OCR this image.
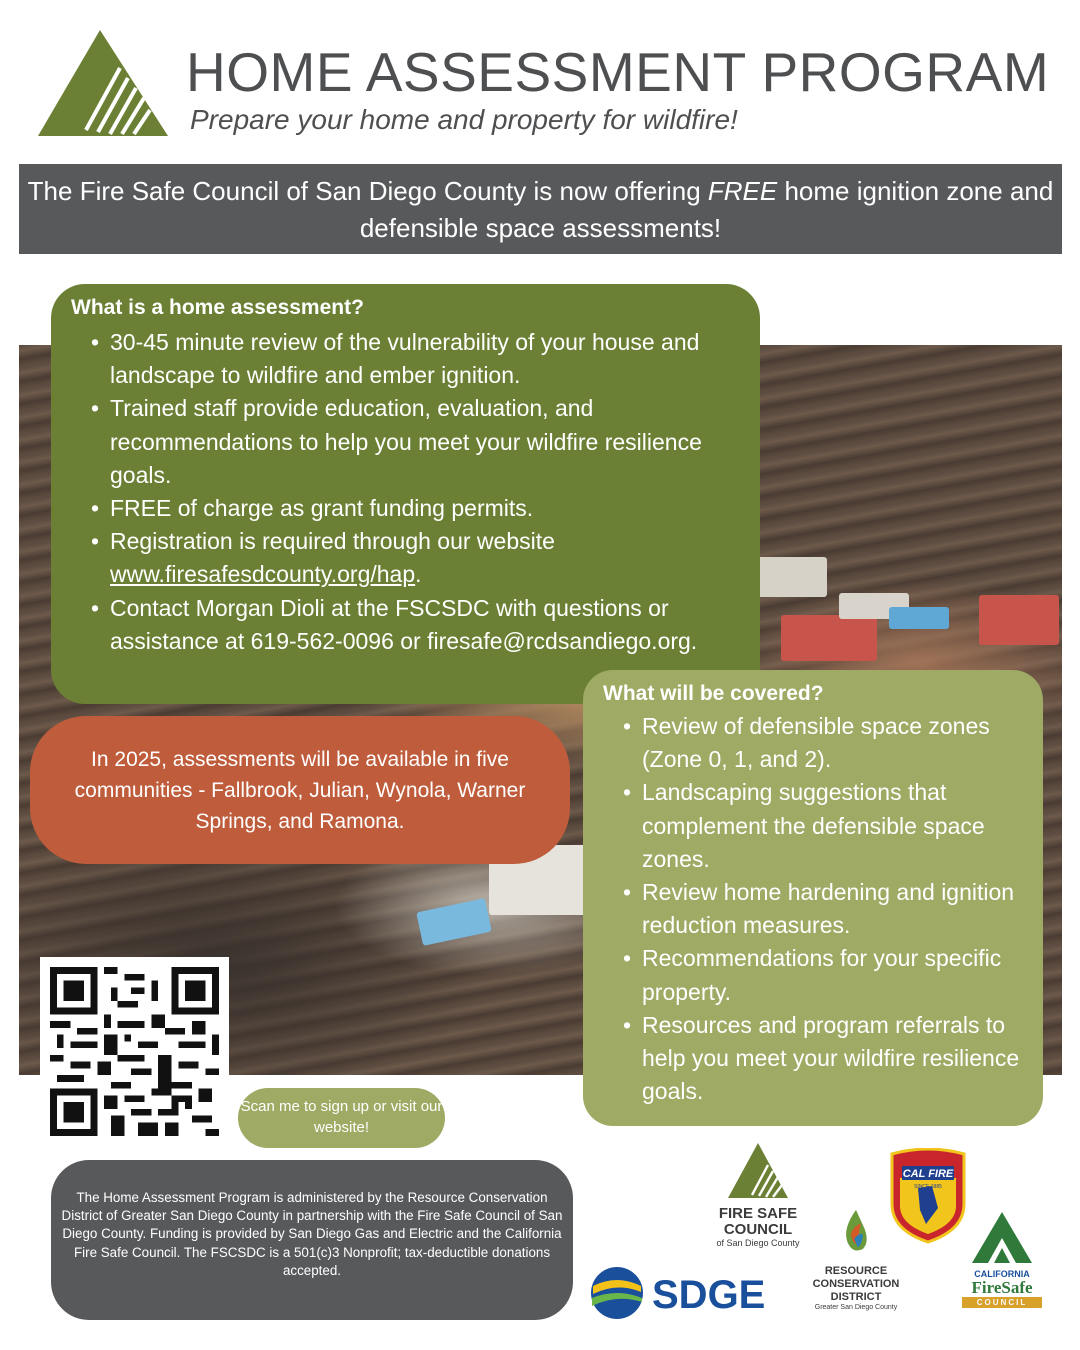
HOME ASSESSMENT PROGRAM
Prepare your home and property for wildfire!
The Fire Safe Council of San Diego County is now offering FREE home ignition zone and defensible space assessments!
What is a home assessment?
• 30-45 minute review of the vulnerability of your house and landscape to wildfire and ember ignition.
• Trained staff provide education, evaluation, and recommendations to help you meet your wildfire resilience goals.
• FREE of charge as grant funding permits.
• Registration is required through our website www.firesafesdcounty.org/hap.
• Contact Morgan Dioli at the FSCSDC with questions or assistance at 619-562-0096 or firesafe@rcdsandiego.org.
In 2025, assessments will be available in five communities - Fallbrook, Julian, Wynola, Warner Springs, and Ramona.
What will be covered?
• Review of defensible space zones (Zone 0, 1, and 2).
• Landscaping suggestions that complement the defensible space zones.
• Review home hardening and ignition reduction measures.
• Recommendations for your specific property.
• Resources and program referrals to help you meet your wildfire resilience goals.
Scan me to sign up or visit our website!
The Home Assessment Program is administered by the Resource Conservation District of Greater San Diego County in partnership with the Fire Safe Council of San Diego County. Funding is provided by San Diego Gas and Electric and the California Fire Safe Council. The FSCSDC is a 501(c)3 Nonprofit; tax-deductible donations accepted.
FIRE SAFE COUNCIL
of San Diego County
CAL FIRE
SINCE 1885
RESOURCE CONSERVATION DISTRICT
Greater San Diego County
SDGE	CALIFORNIA
FireSafe
COUNCIL
